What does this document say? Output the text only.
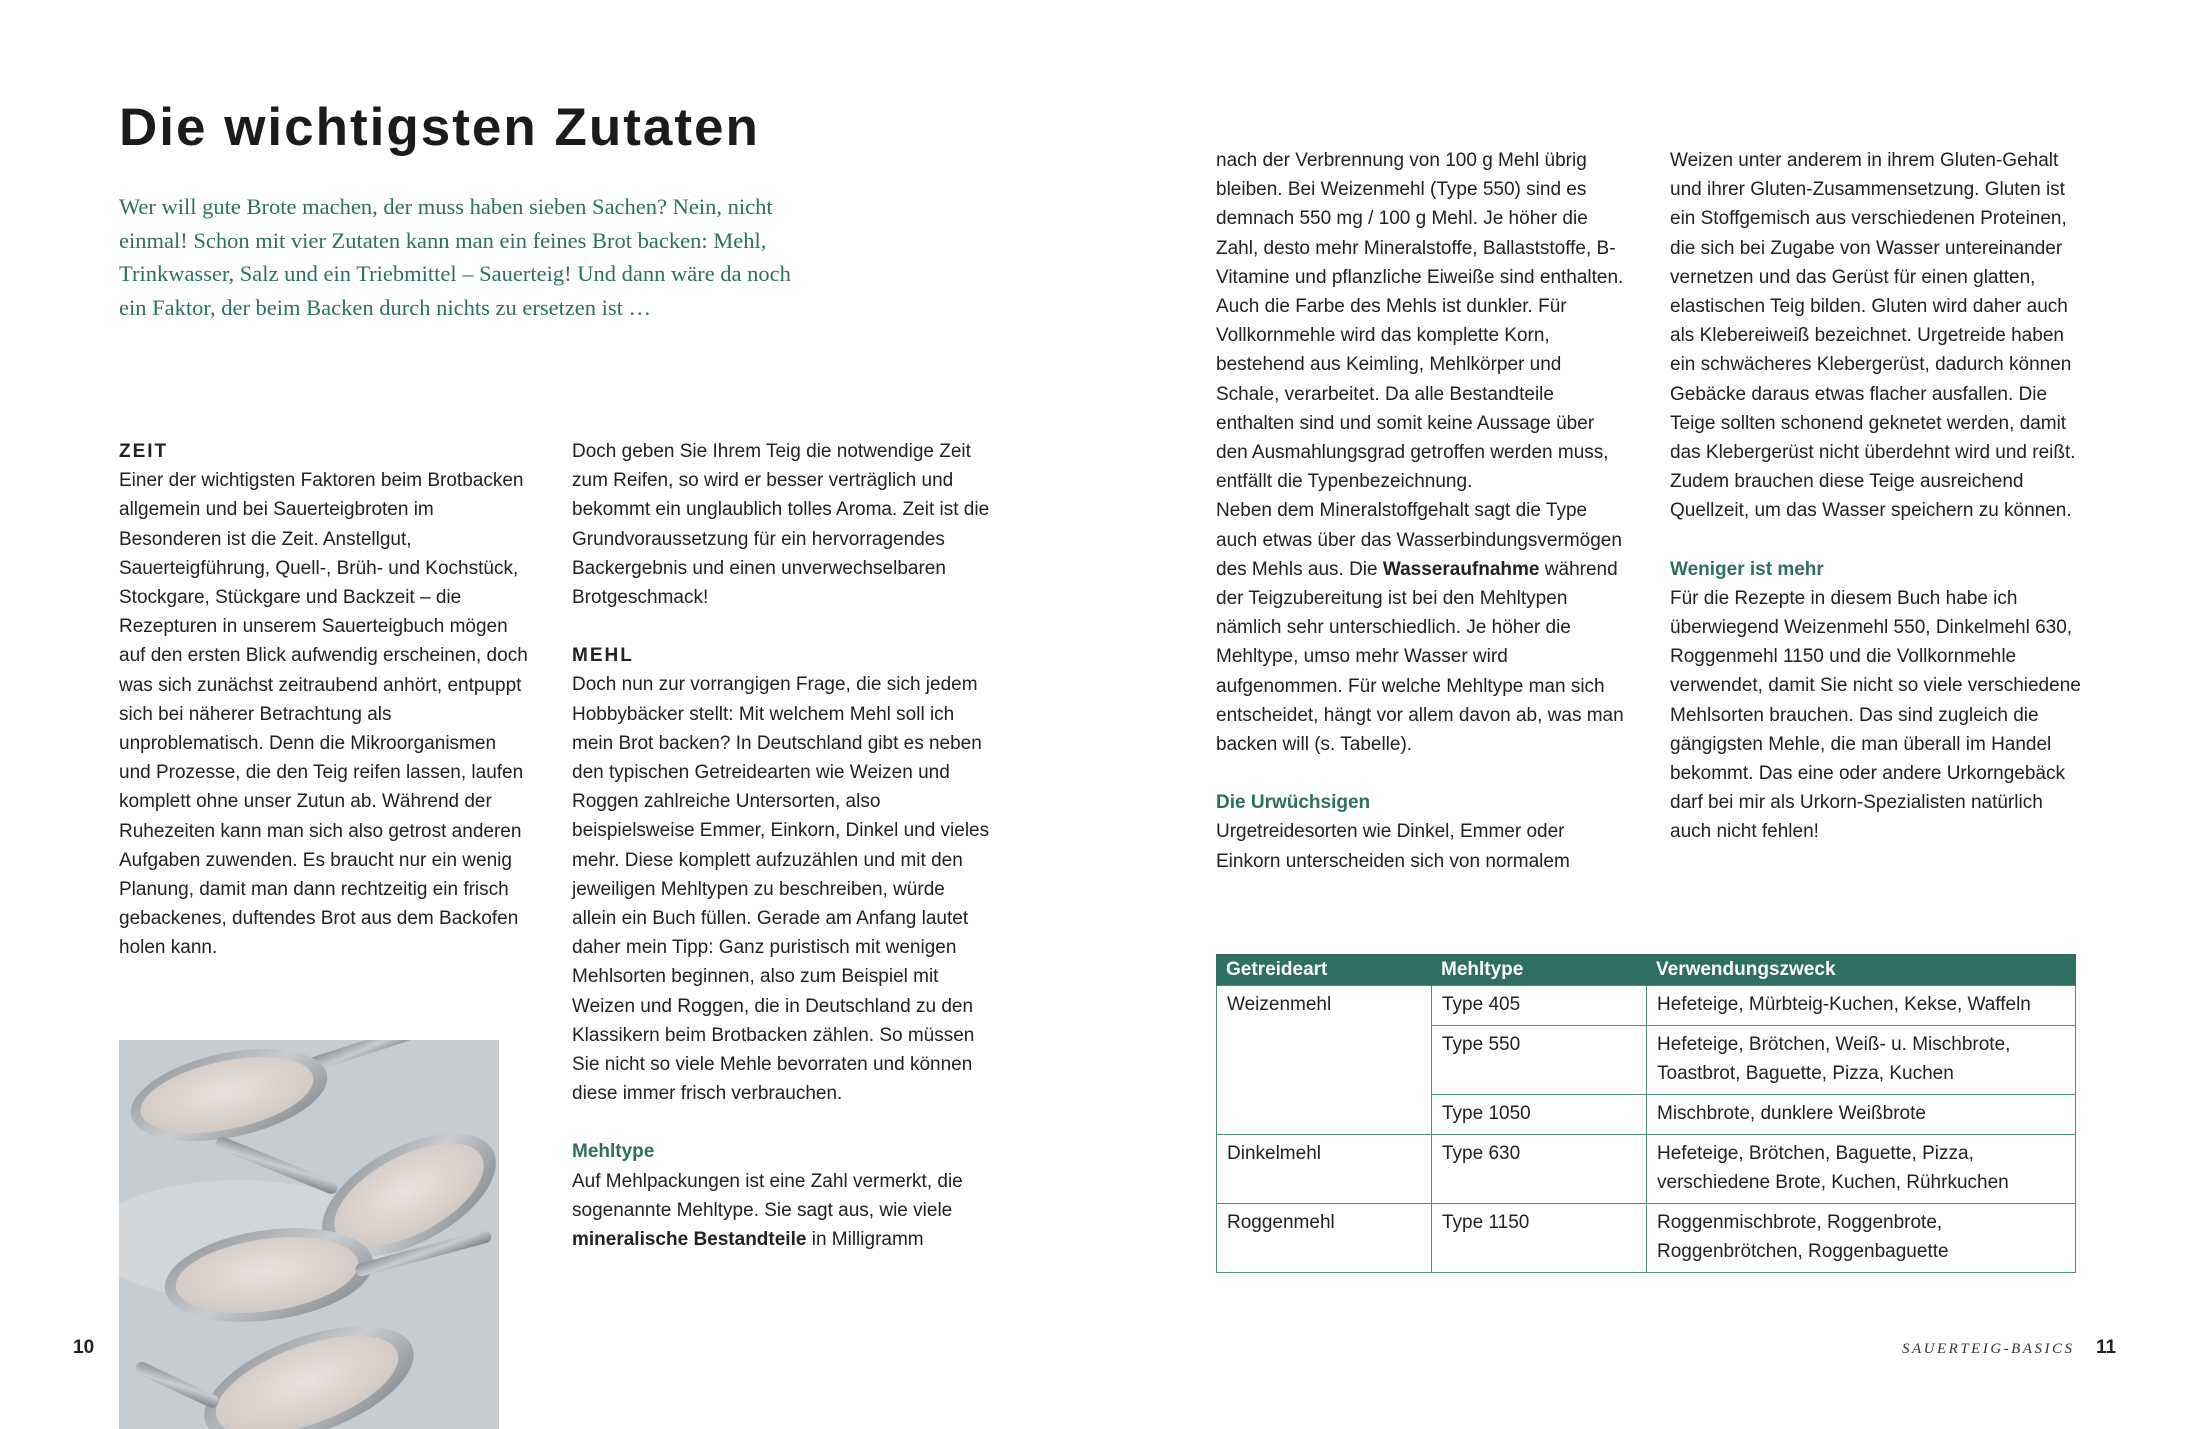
Die wichtigsten Zutaten
Wer will gute Brote machen, der muss haben sieben Sachen? Nein, nicht einmal! Schon mit vier Zutaten kann man ein feines Brot backen: Mehl, Trinkwasser, Salz und ein Triebmittel – Sauerteig! Und dann wäre da noch ein Faktor, der beim Backen durch nichts zu ersetzen ist …
ZEIT

Einer der wichtigsten Faktoren beim Brotbacken allgemein und bei Sauerteigbroten im Besonderen ist die Zeit. Anstellgut, Sauerteigführung, Quell-, Brüh- und Kochstück, Stockgare, Stückgare und Backzeit – die Rezepturen in unserem Sauerteigbuch mögen auf den ersten Blick aufwendig erscheinen, doch was sich zunächst zeitraubend anhört, entpuppt sich bei näherer Betrachtung als unproblematisch. Denn die Mikroorganismen und Prozesse, die den Teig reifen lassen, laufen komplett ohne unser Zutun ab. Während der Ruhezeiten kann man sich also getrost anderen Aufgaben zuwenden. Es braucht nur ein wenig Planung, damit man dann rechtzeitig ein frisch gebackenes, duftendes Brot aus dem Backofen holen kann.

Doch geben Sie Ihrem Teig die notwendige Zeit zum Reifen, so wird er besser verträglich und bekommt ein unglaublich tolles Aroma. Zeit ist die Grundvoraussetzung für ein hervorragendes Backergebnis und einen unverwechselbaren Brotgeschmack!

MEHL

Doch nun zur vorrangigen Frage, die sich jedem Hobbybäcker stellt: Mit welchem Mehl soll ich mein Brot backen? In Deutschland gibt es neben den typischen Getreidearten wie Weizen und Roggen zahlreiche Untersorten, also beispielsweise Emmer, Einkorn, Dinkel und vieles mehr. Diese komplett aufzuzählen und mit den jeweiligen Mehltypen zu beschreiben, würde allein ein Buch füllen. Gerade am Anfang lautet daher mein Tipp: Ganz puristisch mit wenigen Mehlsorten beginnen, also zum Beispiel mit Weizen und Roggen, die in Deutschland zu den Klassikern beim Brotbacken zählen. So müssen Sie nicht so viele Mehle bevorraten und können diese immer frisch verbrauchen.

Mehltype

Auf Mehlpackungen ist eine Zahl vermerkt, die sogenannte Mehltype. Sie sagt aus, wie viele mineralische Bestandteile in Milligramm

nach der Verbrennung von 100 g Mehl übrig bleiben. Bei Weizenmehl (Type 550) sind es demnach 550 mg / 100 g Mehl. Je höher die Zahl, desto mehr Mineralstoffe, Ballaststoffe, B-Vitamine und pflanzliche Eiweiße sind enthalten. Auch die Farbe des Mehls ist dunkler. Für Vollkornmehle wird das komplette Korn, bestehend aus Keimling, Mehlkörper und Schale, verarbeitet. Da alle Bestandteile enthalten sind und somit keine Aussage über den Ausmahlungsgrad getroffen werden muss, entfällt die Typenbezeichnung.

Neben dem Mineralstoffgehalt sagt die Type auch etwas über das Wasserbindungsvermögen des Mehls aus. Die Wasseraufnahme während der Teigzubereitung ist bei den Mehltypen nämlich sehr unterschiedlich. Je höher die Mehltype, umso mehr Wasser wird aufgenommen. Für welche Mehltype man sich entscheidet, hängt vor allem davon ab, was man backen will (s. Tabelle).

Die Urwüchsigen

Urgetreidesorten wie Dinkel, Emmer oder Einkorn unterscheiden sich von normalem

Weizen unter anderem in ihrem Gluten-Gehalt und ihrer Gluten-Zusammensetzung. Gluten ist ein Stoffgemisch aus verschiedenen Proteinen, die sich bei Zugabe von Wasser untereinander vernetzen und das Gerüst für einen glatten, elastischen Teig bilden. Gluten wird daher auch als Klebereiweiß bezeichnet. Urgetreide haben ein schwächeres Klebergerüst, dadurch können Gebäcke daraus etwas flacher ausfallen. Die Teige sollten schonend geknetet werden, damit das Klebergerüst nicht überdehnt wird und reißt. Zudem brauchen diese Teige ausreichend Quellzeit, um das Wasser speichern zu können.

Weniger ist mehr

Für die Rezepte in diesem Buch habe ich überwiegend Weizenmehl 550, Dinkelmehl 630, Roggenmehl 1150 und die Vollkornmehle verwendet, damit Sie nicht so viele verschiedene Mehlsorten brauchen. Das sind zugleich die gängigsten Mehle, die man überall im Handel bekommt. Das eine oder andere Urkorngebäck darf bei mir als Urkorn-Spezialisten natürlich auch nicht fehlen!

Getreideart	Mehltype	Verwendungszweck
Weizenmehl	Type 405	Hefeteige, Mürbteig-Kuchen, Kekse, Waffeln
	Type 550	Hefeteige, Brötchen, Weiß- u. Mischbrote, Toastbrot, Baguette, Pizza, Kuchen
	Type 1050	Mischbrote, dunklere Weißbrote
Dinkelmehl	Type 630	Hefeteige, Brötchen, Baguette, Pizza, verschiedene Brote, Kuchen, Rührkuchen
Roggenmehl	Type 1150	Roggenmischbrote, Roggenbrote, Roggenbrötchen, Roggenbaguette
10	SAUERTEIG-BASICS 11
